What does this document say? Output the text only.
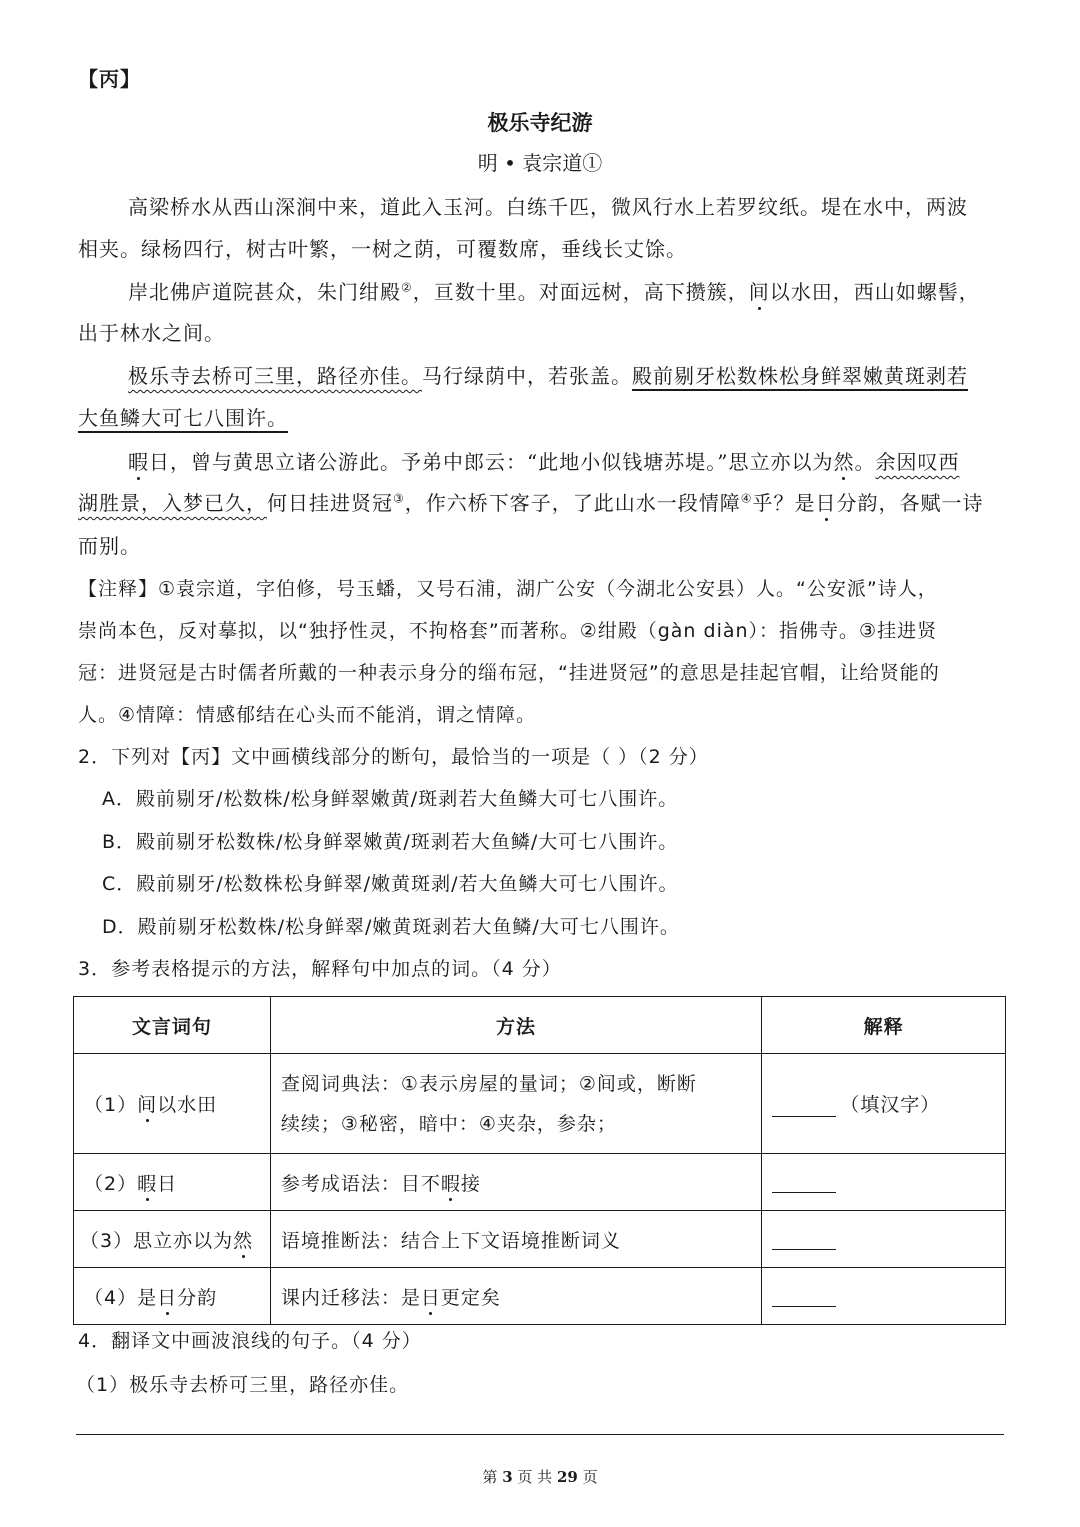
【丙】
极乐寺纪游
明 • 袁宗道①
高梁桥水从西山深涧中来，道此入玉河。白练千匹，微风行水上若罗纹纸。堤在水中，两波
相夹。绿杨四行，树古叶繁，一树之荫，可覆数席，垂线长丈馀。
岸北佛庐道院甚众，朱门绀殿②，亘数十里。对面远树，高下攒簇，间以水田，西山如螺髻，
出于林水之间。
极乐寺去桥可三里，路径亦佳。马行绿荫中，若张盖。殿前剔牙松数株松身鲜翠嫩黄斑剥若
大鱼鳞大可七八围许。
暇日，曾与黄思立诸公游此。予弟中郎云：“此地小似钱塘苏堤。”思立亦以为然。余因叹西
湖胜景，入梦已久，何日挂进贤冠③，作六桥下客子，了此山水一段情障④乎？是日分韵，各赋一诗
而别。
【注释】①袁宗道，字伯修，号玉蟠，又号石浦，湖广公安（今湖北公安县）人。“公安派”诗人，
崇尚本色，反对摹拟，以“独抒性灵，不拘格套”而著称。②绀殿（gàn diàn）：指佛寺。③挂进贤
冠：进贤冠是古时儒者所戴的一种表示身分的缁布冠，“挂进贤冠”的意思是挂起官帽，让给贤能的
人。④情障：情感郁结在心头而不能消，谓之情障。
2．下列对【丙】文中画横线部分的断句，最恰当的一项是（ ）（2 分）
A．殿前剔牙/松数株/松身鲜翠嫩黄/斑剥若大鱼鳞大可七八围许。
B．殿前剔牙松数株/松身鲜翠嫩黄/斑剥若大鱼鳞/大可七八围许。
C．殿前剔牙/松数株松身鲜翠/嫩黄斑剥/若大鱼鳞大可七八围许。
D．殿前剔牙松数株/松身鲜翠/嫩黄斑剥若大鱼鳞/大可七八围许。
3．参考表格提示的方法，解释句中加点的词。（4 分）
文言词句	方法	解释
（1）间以水田	查阅词典法：①表示房屋的量词；②间或，断断
续续；③秘密，暗中：④夹杂，参杂；	（填汉字）
（2）暇日	参考成语法：目不暇接	
（3）思立亦以为然	语境推断法：结合上下文语境推断词义	
（4）是日分韵	课内迁移法：是日更定矣	
4．翻译文中画波浪线的句子。（4 分）
（1）极乐寺去桥可三里，路径亦佳。
第 3 页 共 29 页
